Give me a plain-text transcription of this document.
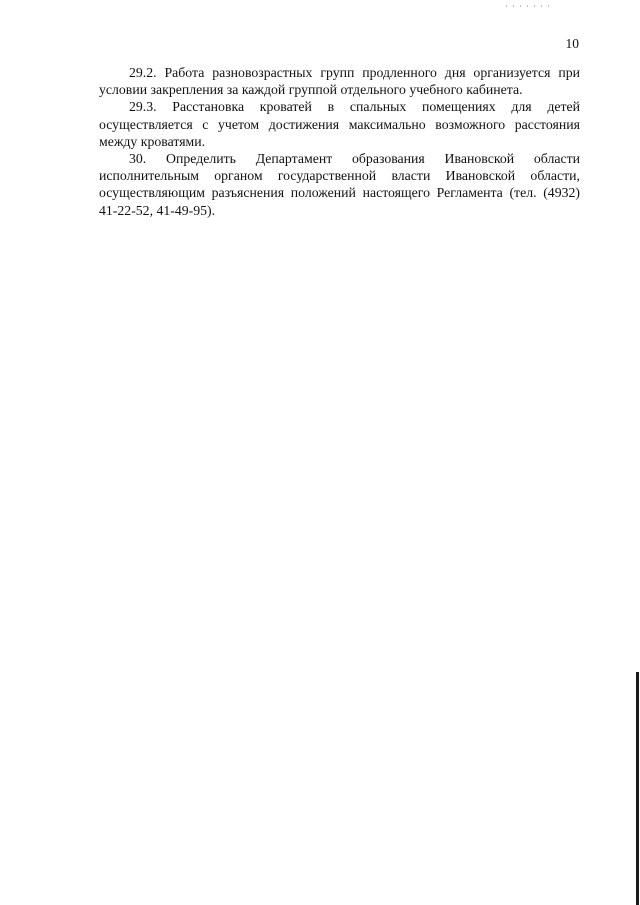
10

29.2. Работа разновозрастных групп продленного дня организуется при условии закрепления за каждой группой отдельного учебного кабинета.

29.3. Расстановка кроватей в спальных помещениях для детей осуществляется с учетом достижения максимально возможного расстояния между кроватями.

30. Определить Департамент образования Ивановской области исполнительным органом государственной власти Ивановской области, осуществляющим разъяснения положений настоящего Регламента (тел. (4932) 41-22-52, 41-49-95).
